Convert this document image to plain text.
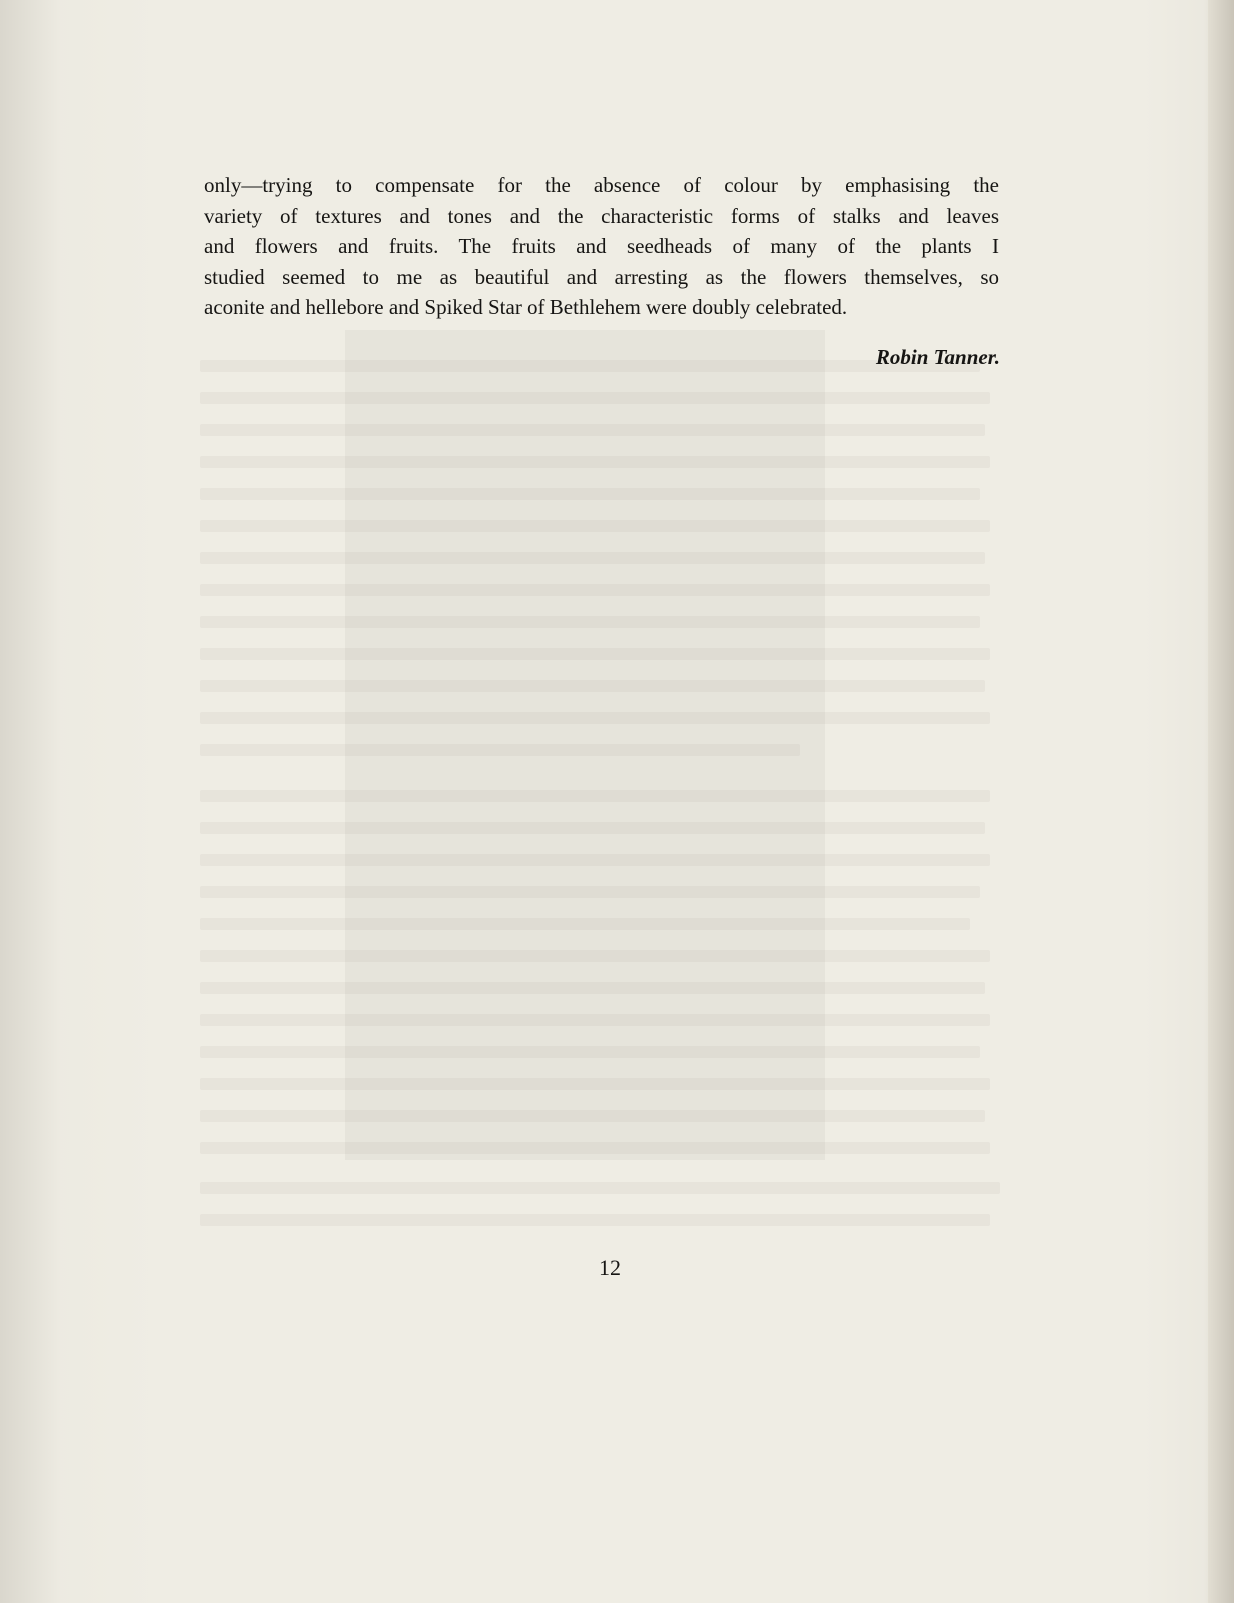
only—trying to compensate for the absence of colour by emphasising the
variety of textures and tones and the characteristic forms of stalks and leaves
and flowers and fruits. The fruits and seedheads of many of the plants I
studied seemed to me as beautiful and arresting as the flowers themselves, so
aconite and hellebore and Spiked Star of Bethlehem were doubly celebrated.
Robin Tanner.
12
